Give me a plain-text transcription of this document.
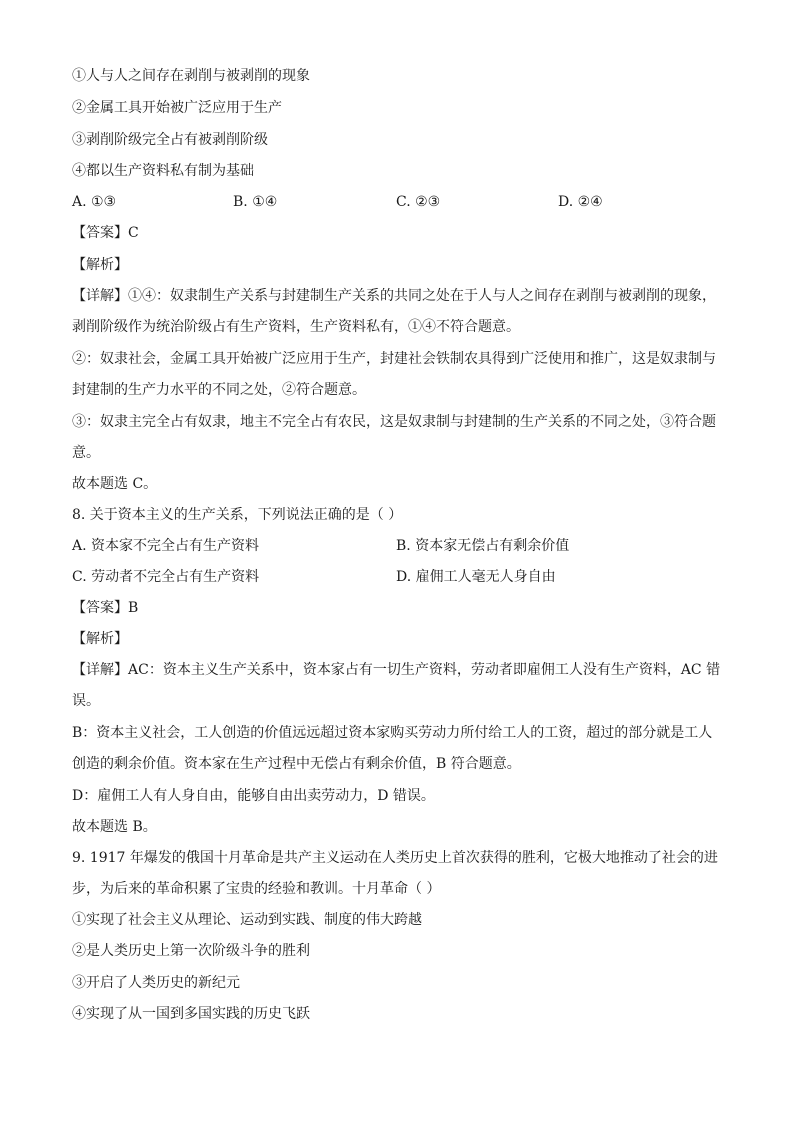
①人与人之间存在剥削与被剥削的现象
②金属工具开始被广泛应用于生产
③剥削阶级完全占有被剥削阶级
④都以生产资料私有制为基础
A. ①③	B. ①④	C. ②③	D. ②④
【答案】C
【解析】
【详解】①④：奴隶制生产关系与封建制生产关系的共同之处在于人与人之间存在剥削与被剥削的现象，
剥削阶级作为统治阶级占有生产资料，生产资料私有，①④不符合题意。
②：奴隶社会，金属工具开始被广泛应用于生产，封建社会铁制农具得到广泛使用和推广，这是奴隶制与
封建制的生产力水平的不同之处，②符合题意。
③：奴隶主完全占有奴隶，地主不完全占有农民，这是奴隶制与封建制的生产关系的不同之处，③符合题
意。
故本题选 C。
8. 关于资本主义的生产关系，下列说法正确的是（ ）
A. 资本家不完全占有生产资料	B. 资本家无偿占有剩余价值
C. 劳动者不完全占有生产资料	D. 雇佣工人毫无人身自由
【答案】B
【解析】
【详解】AC：资本主义生产关系中，资本家占有一切生产资料，劳动者即雇佣工人没有生产资料，AC 错
误。
B：资本主义社会，工人创造的价值远远超过资本家购买劳动力所付给工人的工资，超过的部分就是工人
创造的剩余价值。资本家在生产过程中无偿占有剩余价值，B 符合题意。
D：雇佣工人有人身自由，能够自由出卖劳动力，D 错误。
故本题选 B。
9. 1917 年爆发的俄国十月革命是共产主义运动在人类历史上首次获得的胜利，它极大地推动了社会的进
步，为后来的革命积累了宝贵的经验和教训。十月革命（ ）
①实现了社会主义从理论、运动到实践、制度的伟大跨越
②是人类历史上第一次阶级斗争的胜利
③开启了人类历史的新纪元
④实现了从一国到多国实践的历史飞跃
